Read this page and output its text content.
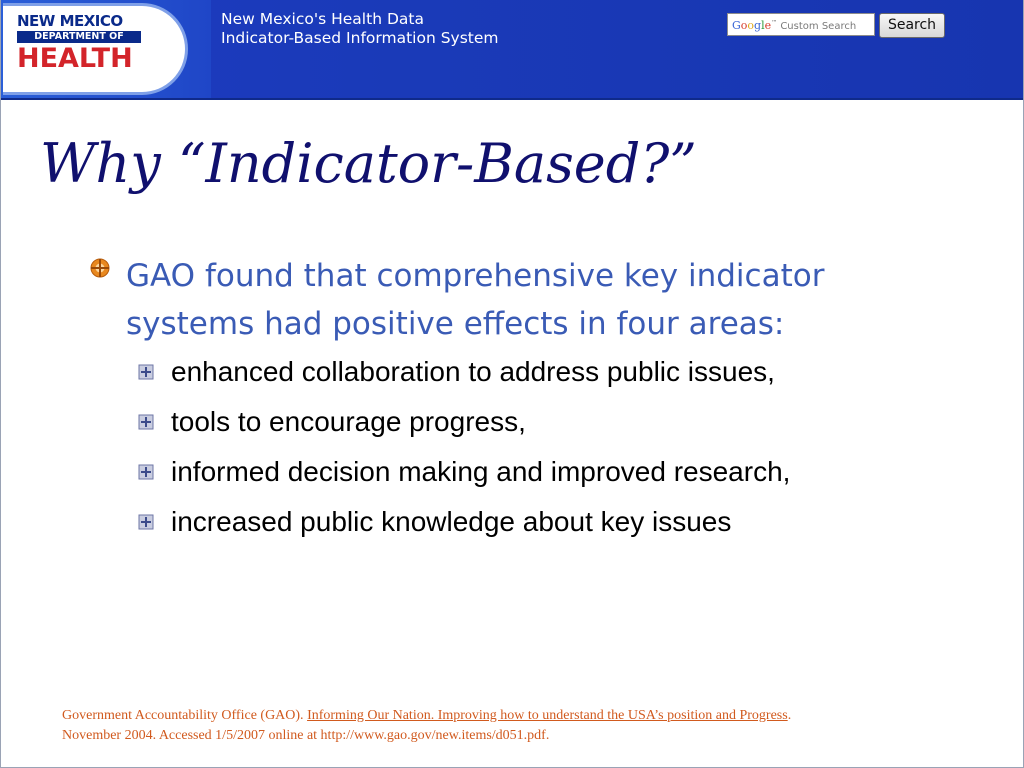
NEW MEXICO
DEPARTMENT OF
HEALTH
New Mexico's Health Data
Indicator-Based Information System
Google™ Custom Search	Search
Why “Indicator-Based?”
GAO found that comprehensive key indicator systems had positive effects in four areas:
enhanced collaboration to address public issues,
tools to encourage progress,
informed decision making and improved research,
increased public knowledge about key issues
Government Accountability Office (GAO). Informing Our Nation. Improving how to understand the USA’s position and Progress.
November 2004. Accessed 1/5/2007 online at http://www.gao.gov/new.items/d051.pdf.
